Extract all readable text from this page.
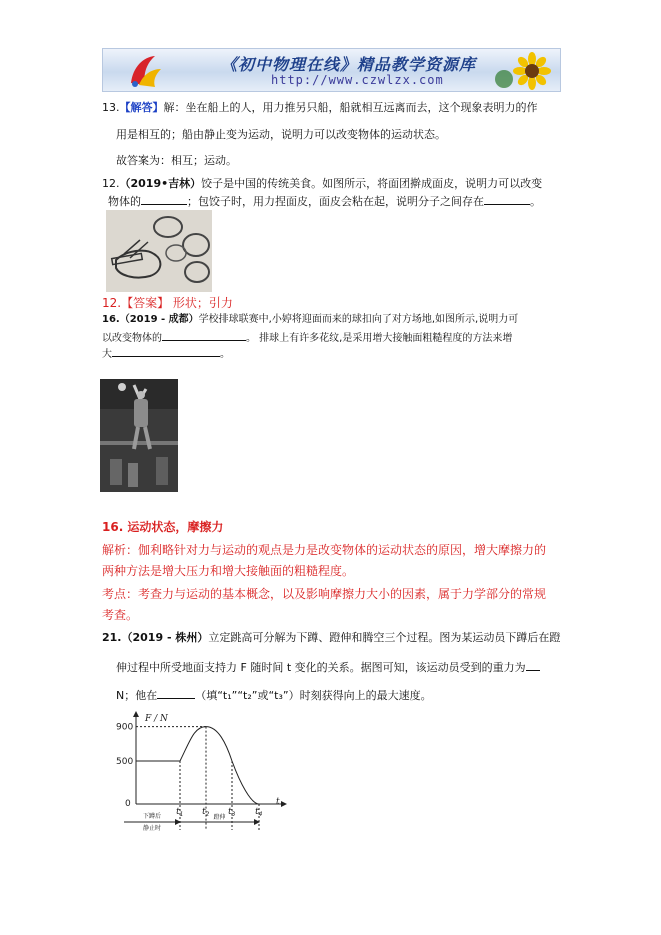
《初中物理在线》精品教学资源库
http://www.czwlzx.com
13.【解答】解：坐在船上的人，用力推另只船，船就相互远离而去，这个现象表明力的作
用是相互的；船由静止变为运动，说明力可以改变物体的运动状态。
故答案为：相互；运动。
12.（2019•吉林）饺子是中国的传统美食。如图所示，将面团擀成面皮，说明力可以改变
物体的	；包饺子时，用力捏面皮，面皮会粘在起，说明分子之间存在	。
12.【答案】 形状；引力
16.（2019 - 成都）学校排球联赛中,小婷将迎面而来的球扣向了对方场地,如图所示,说明力可
以改变物体的	。 排球上有许多花纹,是采用增大接触面粗糙程度的方法来增
大	。
16. 运动状态，摩擦力
解析：伽利略针对力与运动的观点是力是改变物体的运动状态的原因，增大摩擦力的
两种方法是增大压力和增大接触面的粗糙程度。
考点：考查力与运动的基本概念，以及影响摩擦力大小的因素，属于力学部分的常规
考查。
21.（2019 - 株州）立定跳高可分解为下蹲、蹬伸和腾空三个过程。图为某运动员下蹲后在蹬
伸过程中所受地面支持力 F 随时间 t 变化的关系。据图可知，该运动员受到的重力为
N；他在	（填“t₁”“t₂”或“t₃”）时刻获得向上的最大速度。
F / N
t
0
500
900
$t_1$ $t_2$ $t_3$ $t_4$
下蹲后
静止时
蹬伸
